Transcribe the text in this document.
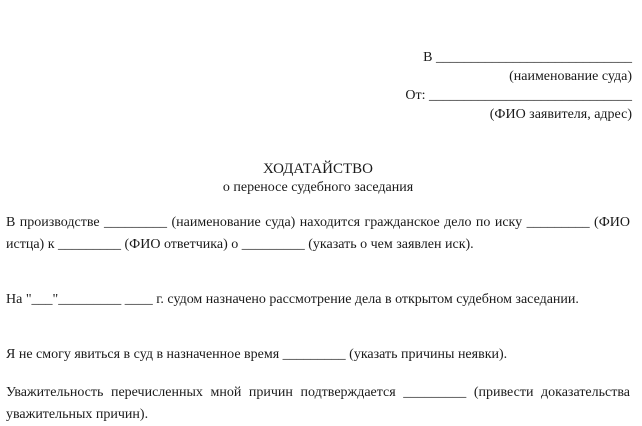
В ____________________________
(наименование суда)
От: _____________________________
(ФИО заявителя, адрес)
ХОДАТАЙСТВО
о переносе судебного заседания
В производстве _________ (наименование суда) находится гражданское дело по иску _________ (ФИО истца) к _________ (ФИО ответчика) о _________ (указать о чем заявлен иск).
На "___"_________ ____ г. судом назначено рассмотрение дела в открытом судебном заседании.
Я не смогу явиться в суд в назначенное время _________ (указать причины неявки).
Уважительность перечисленных мной причин подтверждается _________ (привести доказательства уважительных причин).
